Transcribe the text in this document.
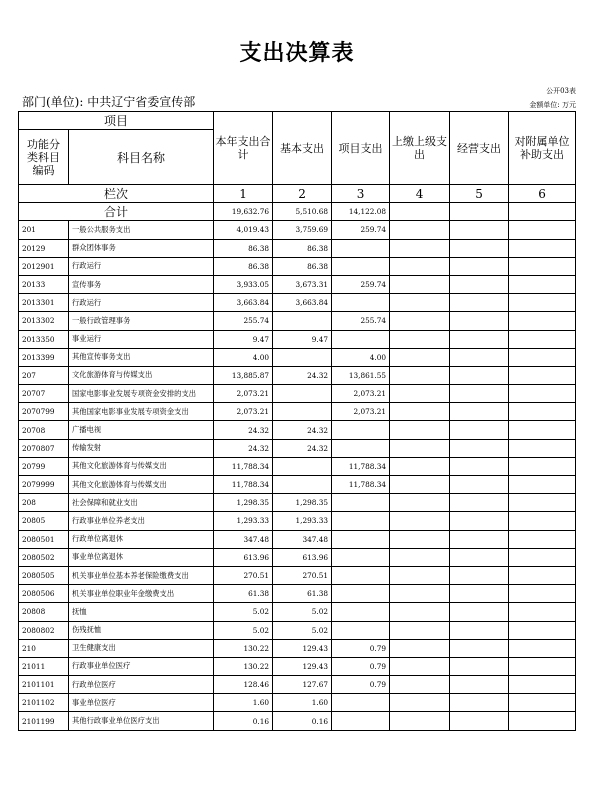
支出决算表
公开03表
部门(单位): 中共辽宁省委宣传部	金额单位: 万元
项目		本年支出合计	基本支出	项目支出	上缴上级支出	经营支出	对附属单位补助支出
功能分类科目编码	科目名称						
栏次		1	2	3	4	5	6
合计		19,632.76	5,510.68	14,122.08			
201	一般公共服务支出	4,019.43	3,759.69	259.74			
20129	群众团体事务	86.38	86.38				
2012901	行政运行	86.38	86.38				
20133	宣传事务	3,933.05	3,673.31	259.74			
2013301	行政运行	3,663.84	3,663.84				
2013302	一般行政管理事务	255.74		255.74			
2013350	事业运行	9.47	9.47				
2013399	其他宣传事务支出	4.00		4.00			
207	文化旅游体育与传媒支出	13,885.87	24.32	13,861.55			
20707	国家电影事业发展专项资金安排的支出	2,073.21		2,073.21			
2070799	其他国家电影事业发展专项资金支出	2,073.21		2,073.21			
20708	广播电视	24.32	24.32				
2070807	传输发射	24.32	24.32				
20799	其他文化旅游体育与传媒支出	11,788.34		11,788.34			
2079999	其他文化旅游体育与传媒支出	11,788.34		11,788.34			
208	社会保障和就业支出	1,298.35	1,298.35				
20805	行政事业单位养老支出	1,293.33	1,293.33				
2080501	行政单位离退休	347.48	347.48				
2080502	事业单位离退休	613.96	613.96				
2080505	机关事业单位基本养老保险缴费支出	270.51	270.51				
2080506	机关事业单位职业年金缴费支出	61.38	61.38				
20808	抚恤	5.02	5.02				
2080802	伤残抚恤	5.02	5.02				
210	卫生健康支出	130.22	129.43	0.79			
21011	行政事业单位医疗	130.22	129.43	0.79			
2101101	行政单位医疗	128.46	127.67	0.79			
2101102	事业单位医疗	1.60	1.60				
2101199	其他行政事业单位医疗支出	0.16	0.16				
